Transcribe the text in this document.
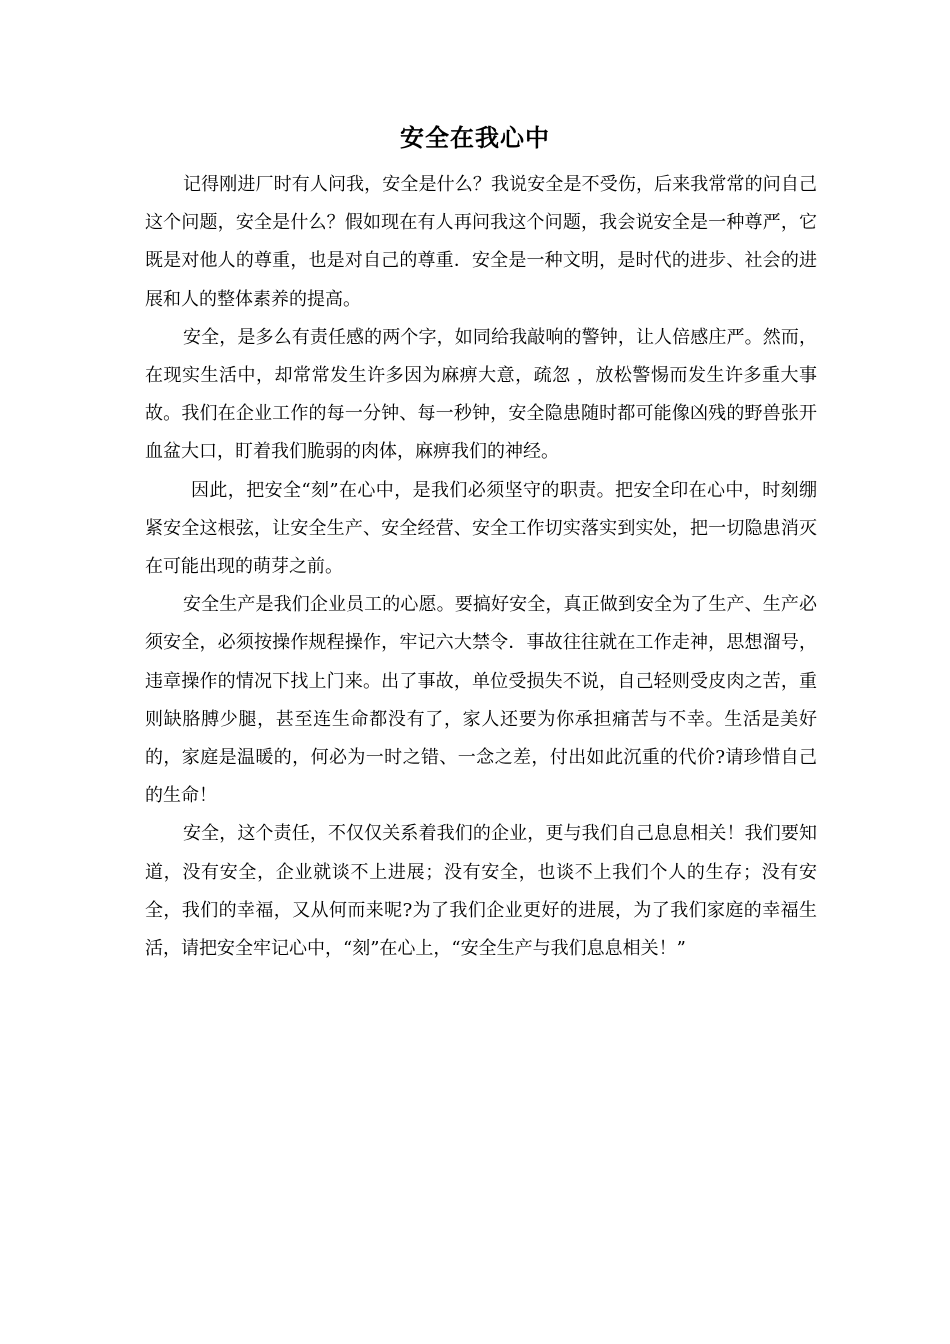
安全在我心中

记得刚进厂时有人问我，安全是什么？我说安全是不受伤，后来我常常的问自己这个问题，安全是什么？假如现在有人再问我这个问题，我会说安全是一种尊严，它既是对他人的尊重，也是对自己的尊重．安全是一种文明，是时代的进步、社会的进展和人的整体素养的提高。

安全，是多么有责任感的两个字，如同给我敲响的警钟，让人倍感庄严。然而，在现实生活中，却常常发生许多因为麻痹大意，疏忽 ，放松警惕而发生许多重大事故。我们在企业工作的每一分钟、每一秒钟，安全隐患随时都可能像凶残的野兽张开血盆大口，盯着我们脆弱的肉体，麻痹我们的神经。

因此，把安全“刻”在心中，是我们必须坚守的职责。把安全印在心中，时刻绷紧安全这根弦，让安全生产、安全经营、安全工作切实落实到实处，把一切隐患消灭在可能出现的萌芽之前。

安全生产是我们企业员工的心愿。要搞好安全，真正做到安全为了生产、生产必须安全，必须按操作规程操作，牢记六大禁令．事故往往就在工作走神，思想溜号，违章操作的情况下找上门来。出了事故，单位受损失不说，自己轻则受皮肉之苦，重则缺胳膊少腿，甚至连生命都没有了，家人还要为你承担痛苦与不幸。生活是美好的，家庭是温暖的，何必为一时之错、一念之差，付出如此沉重的代价?请珍惜自己的生命！

安全，这个责任，不仅仅关系着我们的企业，更与我们自己息息相关！我们要知道，没有安全，企业就谈不上进展；没有安全，也谈不上我们个人的生存；没有安全，我们的幸福，又从何而来呢?为了我们企业更好的进展，为了我们家庭的幸福生活，请把安全牢记心中，“刻”在心上，“安全生产与我们息息相关！”
